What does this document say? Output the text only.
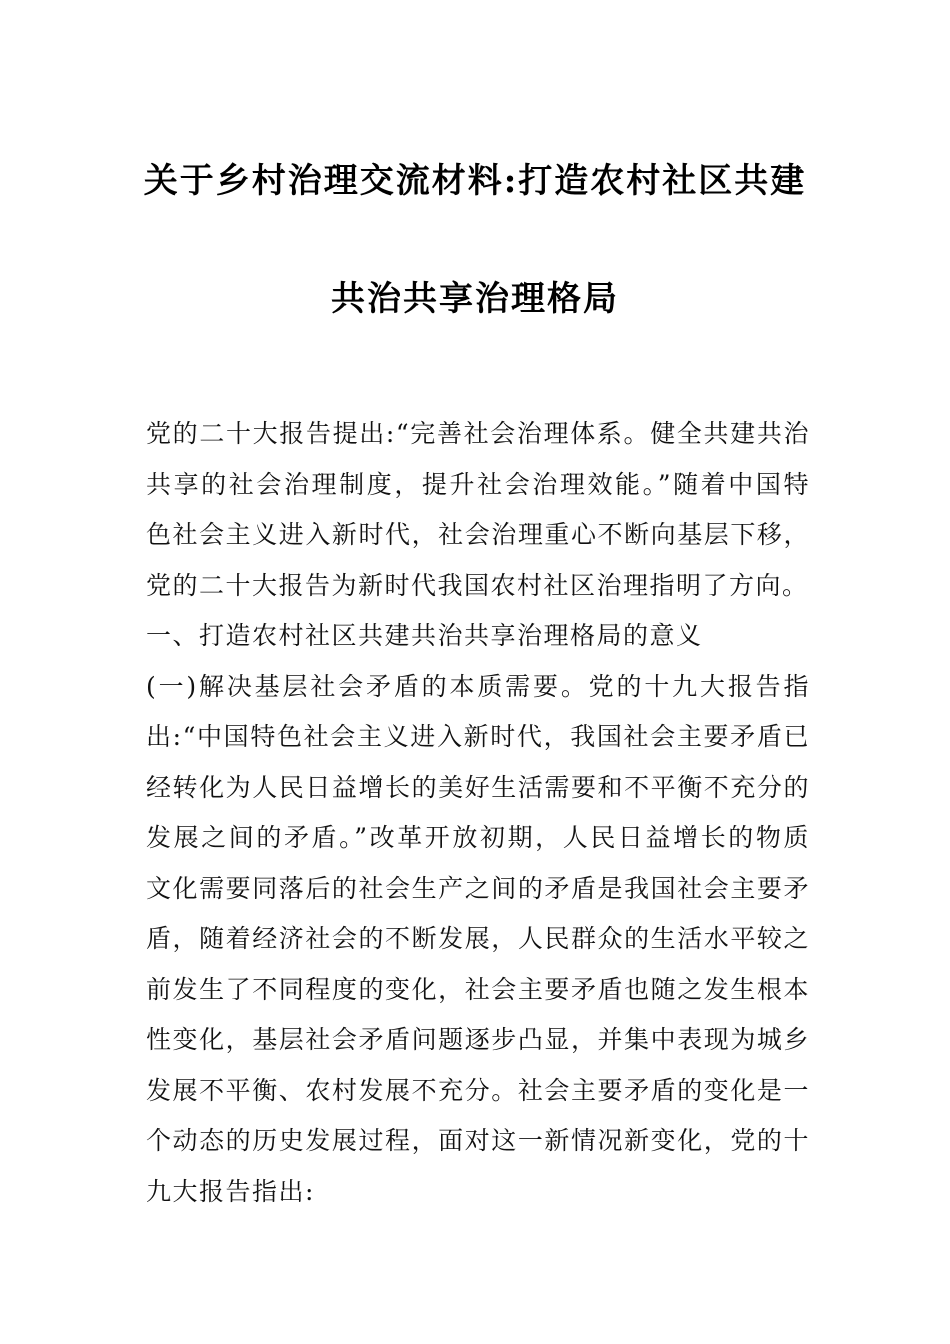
关于乡村治理交流材料:打造农村社区共建
共治共享治理格局

党的二十大报告提出:“完善社会治理体系。健全共建共治共享的社会治理制度，提升社会治理效能。”随着中国特色社会主义进入新时代，社会治理重心不断向基层下移，党的二十大报告为新时代我国农村社区治理指明了方向。

一、打造农村社区共建共治共享治理格局的意义

(一)解决基层社会矛盾的本质需要。党的十九大报告指出:“中国特色社会主义进入新时代，我国社会主要矛盾已经转化为人民日益增长的美好生活需要和不平衡不充分的发展之间的矛盾。”改革开放初期，人民日益增长的物质文化需要同落后的社会生产之间的矛盾是我国社会主要矛盾，随着经济社会的不断发展，人民群众的生活水平较之前发生了不同程度的变化，社会主要矛盾也随之发生根本性变化，基层社会矛盾问题逐步凸显，并集中表现为城乡发展不平衡、农村发展不充分。社会主要矛盾的变化是一个动态的历史发展过程，面对这一新情况新变化，党的十九大报告指出:
